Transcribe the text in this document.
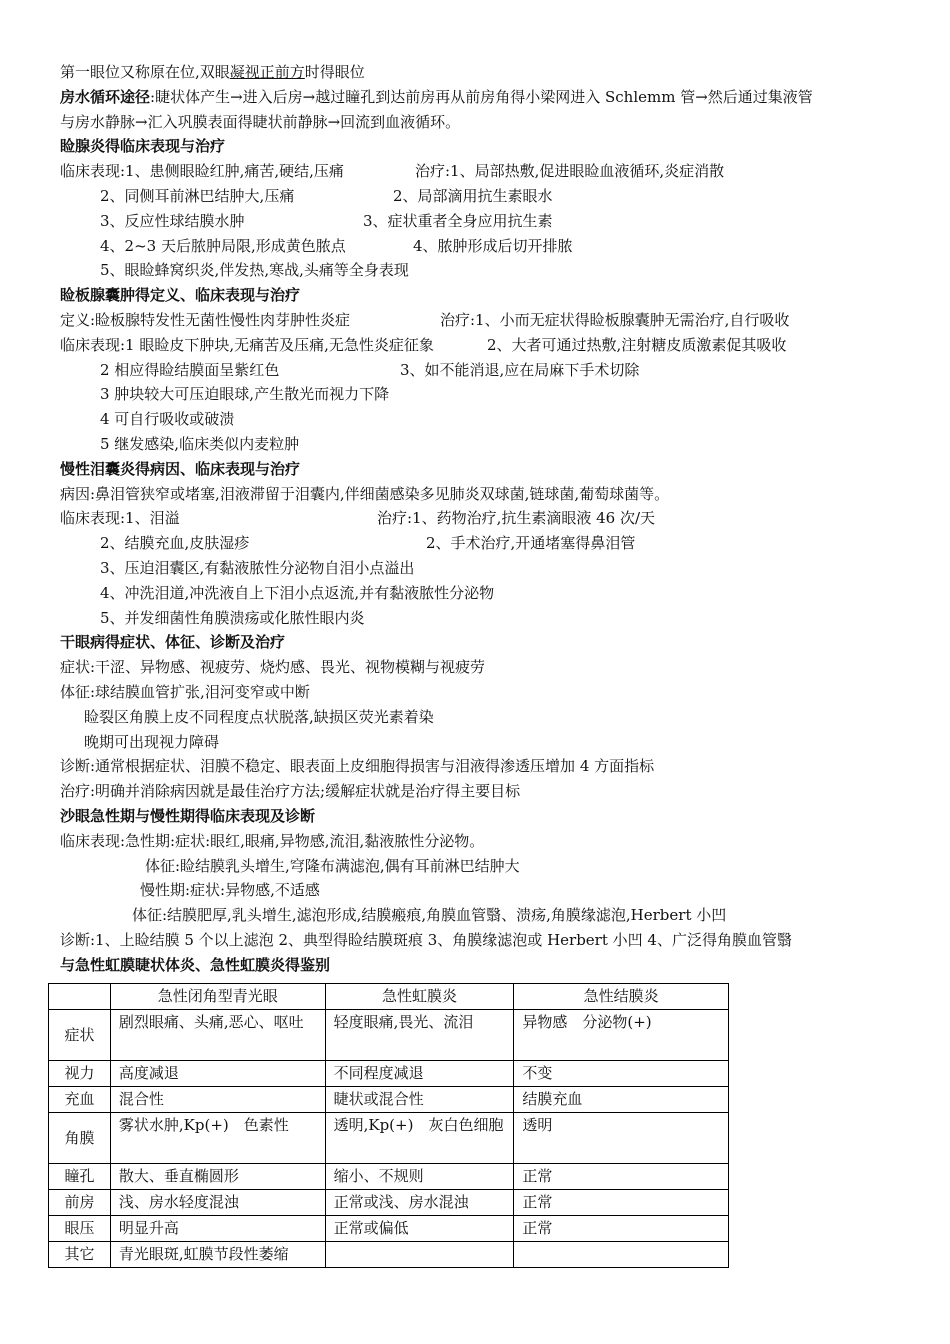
第一眼位又称原在位,双眼凝视正前方时得眼位
房水循环途径:睫状体产生→进入后房→越过瞳孔到达前房再从前房角得小梁网进入 Schlemm 管→然后通过集液管
与房水静脉→汇入巩膜表面得睫状前静脉→回流到血液循环。
睑腺炎得临床表现与治疗
临床表现:1、患侧眼睑红肿,痛苦,硬结,压痛	治疗:1、局部热敷,促进眼睑血液循环,炎症消散
2、同侧耳前淋巴结肿大,压痛	2、局部滴用抗生素眼水
3、反应性球结膜水肿	3、症状重者全身应用抗生素
4、2~3 天后脓肿局限,形成黄色脓点	4、脓肿形成后切开排脓
5、眼睑蜂窝织炎,伴发热,寒战,头痛等全身表现
睑板腺囊肿得定义、临床表现与治疗
定义:睑板腺特发性无菌性慢性肉芽肿性炎症	治疗:1、小而无症状得睑板腺囊肿无需治疗,自行吸收
临床表现:1 眼睑皮下肿块,无痛苦及压痛,无急性炎症征象	2、大者可通过热敷,注射糖皮质激素促其吸收
2 相应得睑结膜面呈紫红色	3、如不能消退,应在局麻下手术切除
3 肿块较大可压迫眼球,产生散光而视力下降
4 可自行吸收或破溃
5 继发感染,临床类似内麦粒肿
慢性泪囊炎得病因、临床表现与治疗
病因:鼻泪管狭窄或堵塞,泪液滞留于泪囊内,伴细菌感染多见肺炎双球菌,链球菌,葡萄球菌等。
临床表现:1、泪溢	治疗:1、药物治疗,抗生素滴眼液 46 次/天
2、结膜充血,皮肤湿疹	2、手术治疗,开通堵塞得鼻泪管
3、压迫泪囊区,有黏液脓性分泌物自泪小点溢出
4、冲洗泪道,冲洗液自上下泪小点返流,并有黏液脓性分泌物
5、并发细菌性角膜溃疡或化脓性眼内炎
干眼病得症状、体征、诊断及治疗
症状:干涩、异物感、视疲劳、烧灼感、畏光、视物模糊与视疲劳
体征:球结膜血管扩张,泪河变窄或中断
睑裂区角膜上皮不同程度点状脱落,缺损区荧光素着染
晚期可出现视力障碍
诊断:通常根据症状、泪膜不稳定、眼表面上皮细胞得损害与泪液得渗透压增加 4 方面指标
治疗:明确并消除病因就是最佳治疗方法;缓解症状就是治疗得主要目标
沙眼急性期与慢性期得临床表现及诊断
临床表现:急性期:症状:眼红,眼痛,异物感,流泪,黏液脓性分泌物。
体征:睑结膜乳头增生,穹隆布满滤泡,偶有耳前淋巴结肿大
慢性期:症状:异物感,不适感
体征:结膜肥厚,乳头增生,滤泡形成,结膜瘢痕,角膜血管翳、溃疡,角膜缘滤泡,Herbert 小凹
诊断:1、上睑结膜 5 个以上滤泡 2、典型得睑结膜斑痕 3、角膜缘滤泡或 Herbert 小凹 4、广泛得角膜血管翳
与急性虹膜睫状体炎、急性虹膜炎得鉴别
	急性闭角型青光眼	急性虹膜炎	急性结膜炎
症状	剧烈眼痛、头痛,恶心、呕吐	轻度眼痛,畏光、流泪	异物感　分泌物(+)
视力	高度减退	不同程度减退	不变
充血	混合性	睫状或混合性	结膜充血
角膜	雾状水肿,Kp(+)　色素性	透明,Kp(+)　灰白色细胞	透明
瞳孔	散大、垂直椭圆形	缩小、不规则	正常
前房	浅、房水轻度混浊	正常或浅、房水混浊	正常
眼压	明显升高	正常或偏低	正常
其它	青光眼斑,虹膜节段性萎缩		
